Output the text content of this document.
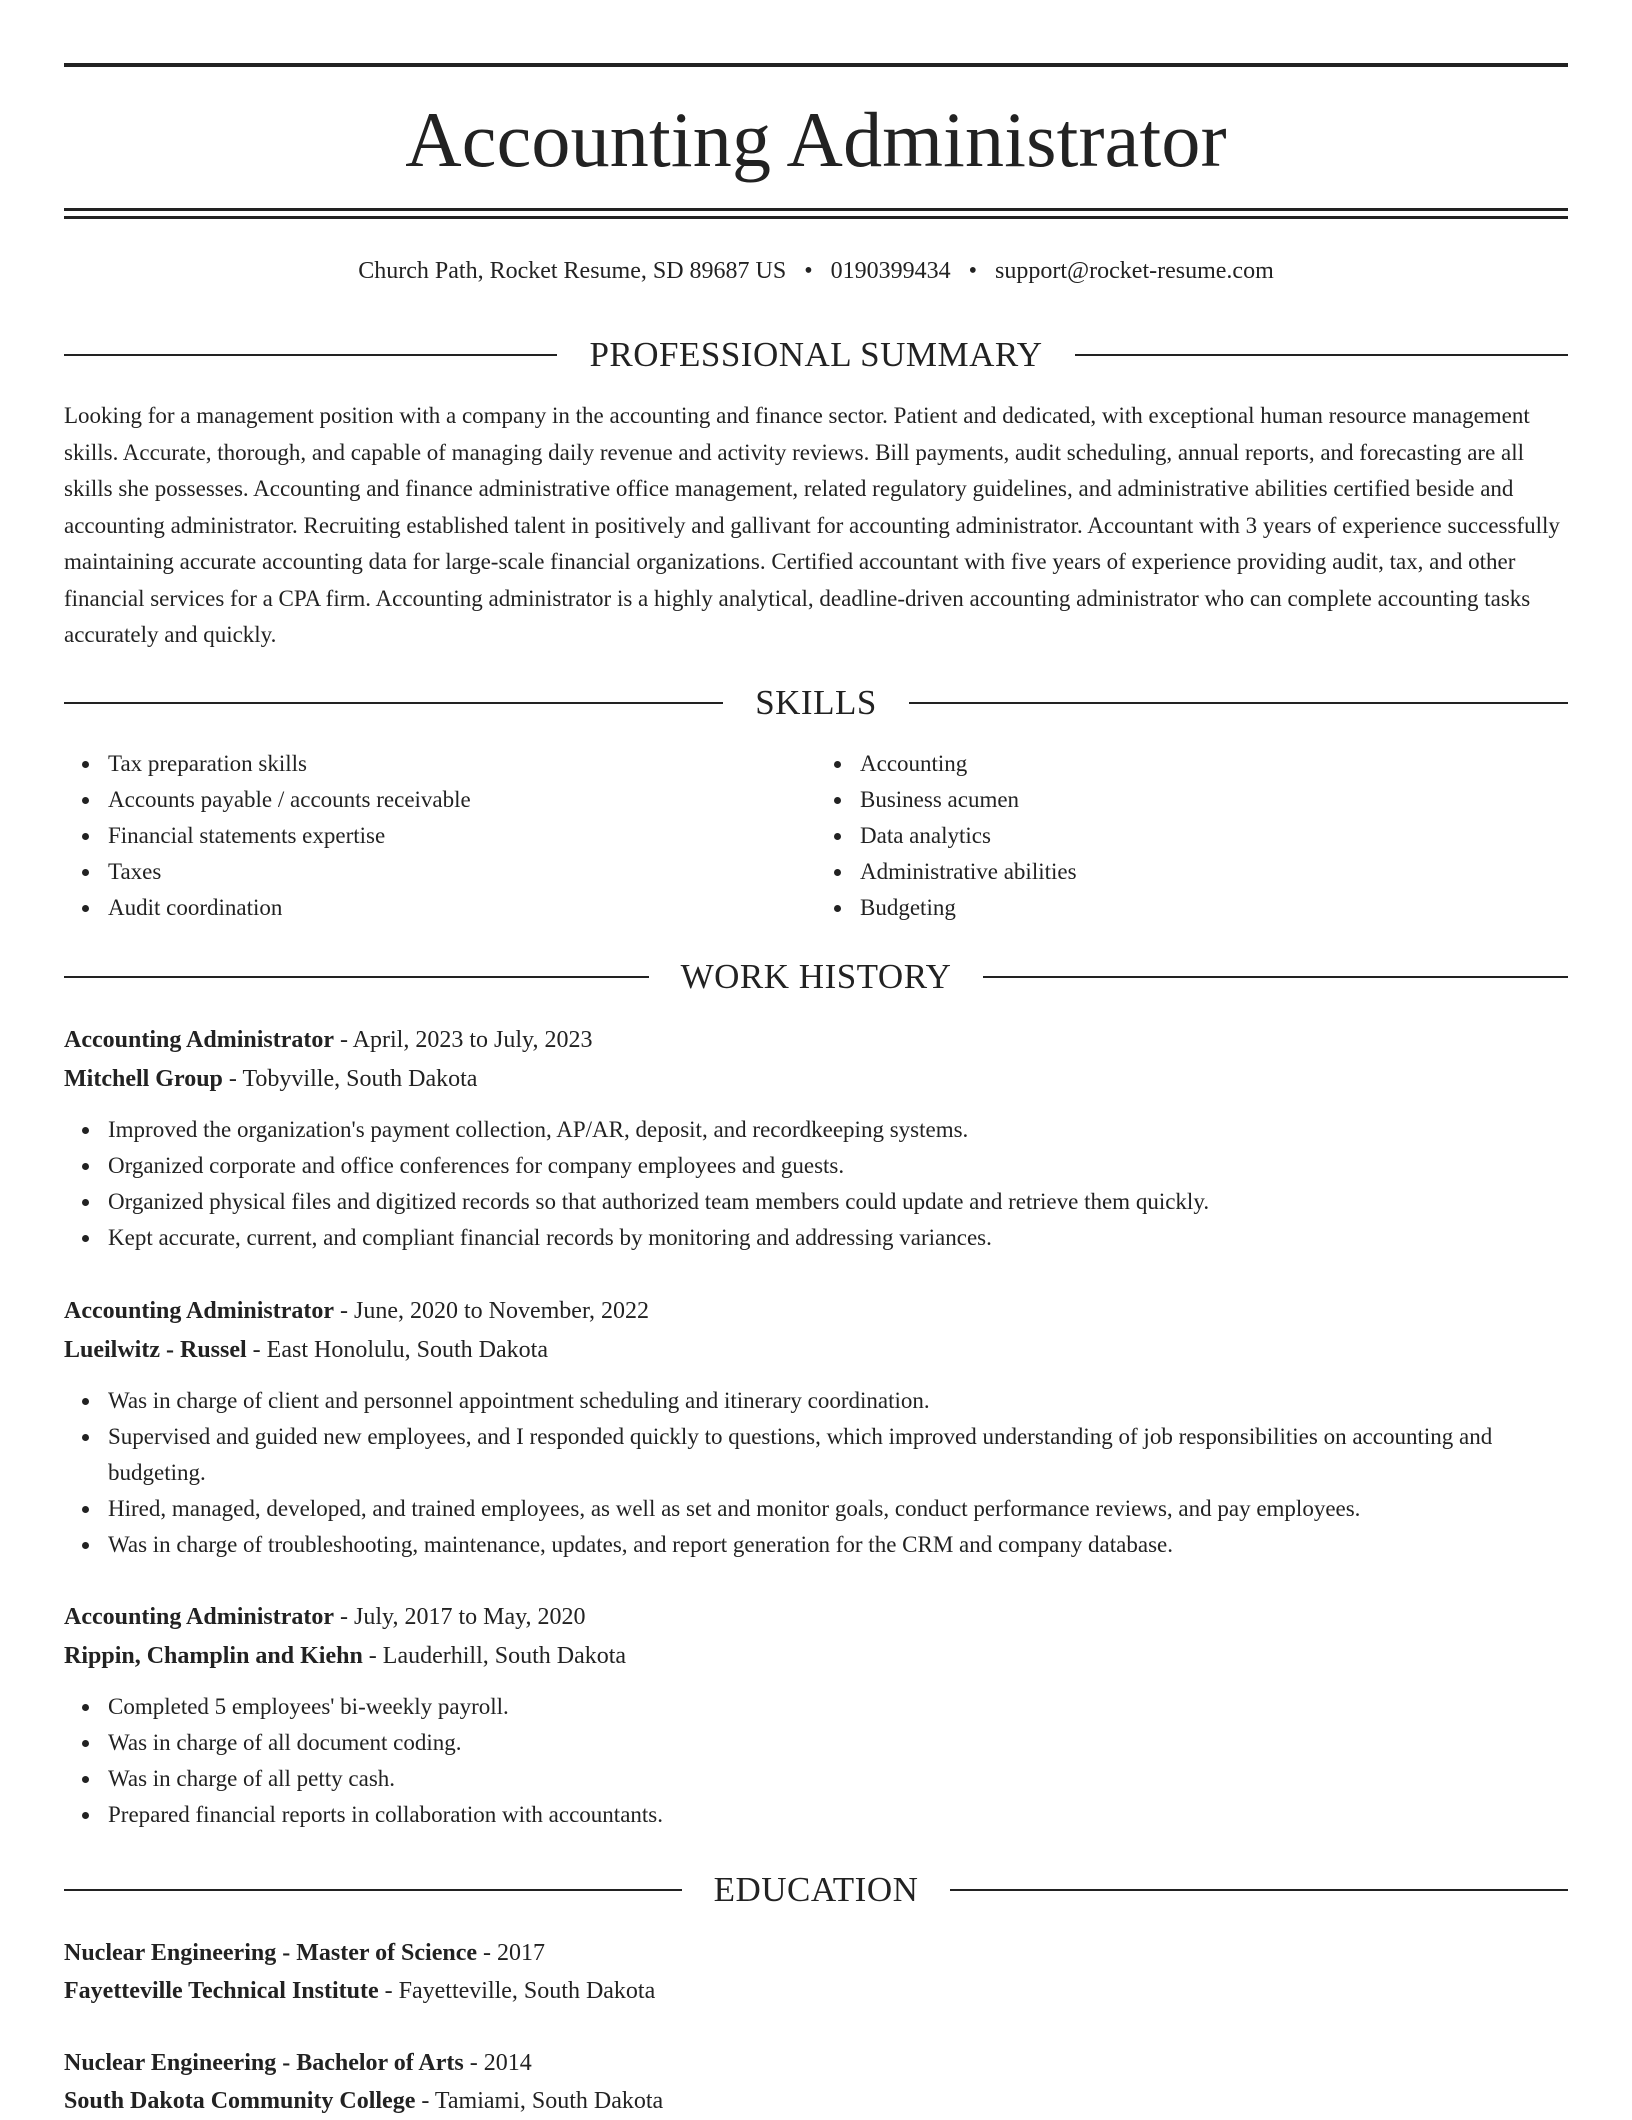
Accounting Administrator
Church Path, Rocket Resume, SD 89687 US • 0190399434 • support@rocket-resume.com
PROFESSIONAL SUMMARY

Looking for a management position with a company in the accounting and finance sector. Patient and dedicated, with exceptional human resource management skills. Accurate, thorough, and capable of managing daily revenue and activity reviews. Bill payments, audit scheduling, annual reports, and forecasting are all skills she possesses. Accounting and finance administrative office management, related regulatory guidelines, and administrative abilities certified beside and accounting administrator. Recruiting established talent in positively and gallivant for accounting administrator. Accountant with 3 years of experience successfully maintaining accurate accounting data for large-scale financial organizations. Certified accountant with five years of experience providing audit, tax, and other financial services for a CPA firm. Accounting administrator is a highly analytical, deadline-driven accounting administrator who can complete accounting tasks accurately and quickly.

SKILLS
Tax preparation skills
Accounts payable / accounts receivable
Financial statements expertise
Taxes
Audit coordination
Accounting
Business acumen
Data analytics
Administrative abilities
Budgeting
WORK HISTORY

Accounting Administrator - April, 2023 to July, 2023

Mitchell Group - Tobyville, South Dakota

Improved the organization's payment collection, AP/AR, deposit, and recordkeeping systems.
Organized corporate and office conferences for company employees and guests.
Organized physical files and digitized records so that authorized team members could update and retrieve them quickly.
Kept accurate, current, and compliant financial records by monitoring and addressing variances.

Accounting Administrator - June, 2020 to November, 2022

Lueilwitz - Russel - East Honolulu, South Dakota

Was in charge of client and personnel appointment scheduling and itinerary coordination.
Supervised and guided new employees, and I responded quickly to questions, which improved understanding of job responsibilities on accounting and budgeting.
Hired, managed, developed, and trained employees, as well as set and monitor goals, conduct performance reviews, and pay employees.
Was in charge of troubleshooting, maintenance, updates, and report generation for the CRM and company database.

Accounting Administrator - July, 2017 to May, 2020

Rippin, Champlin and Kiehn - Lauderhill, South Dakota

Completed 5 employees' bi-weekly payroll.
Was in charge of all document coding.
Was in charge of all petty cash.
Prepared financial reports in collaboration with accountants.
EDUCATION

Nuclear Engineering - Master of Science - 2017

Fayetteville Technical Institute - Fayetteville, South Dakota

Nuclear Engineering - Bachelor of Arts - 2014

South Dakota Community College - Tamiami, South Dakota
